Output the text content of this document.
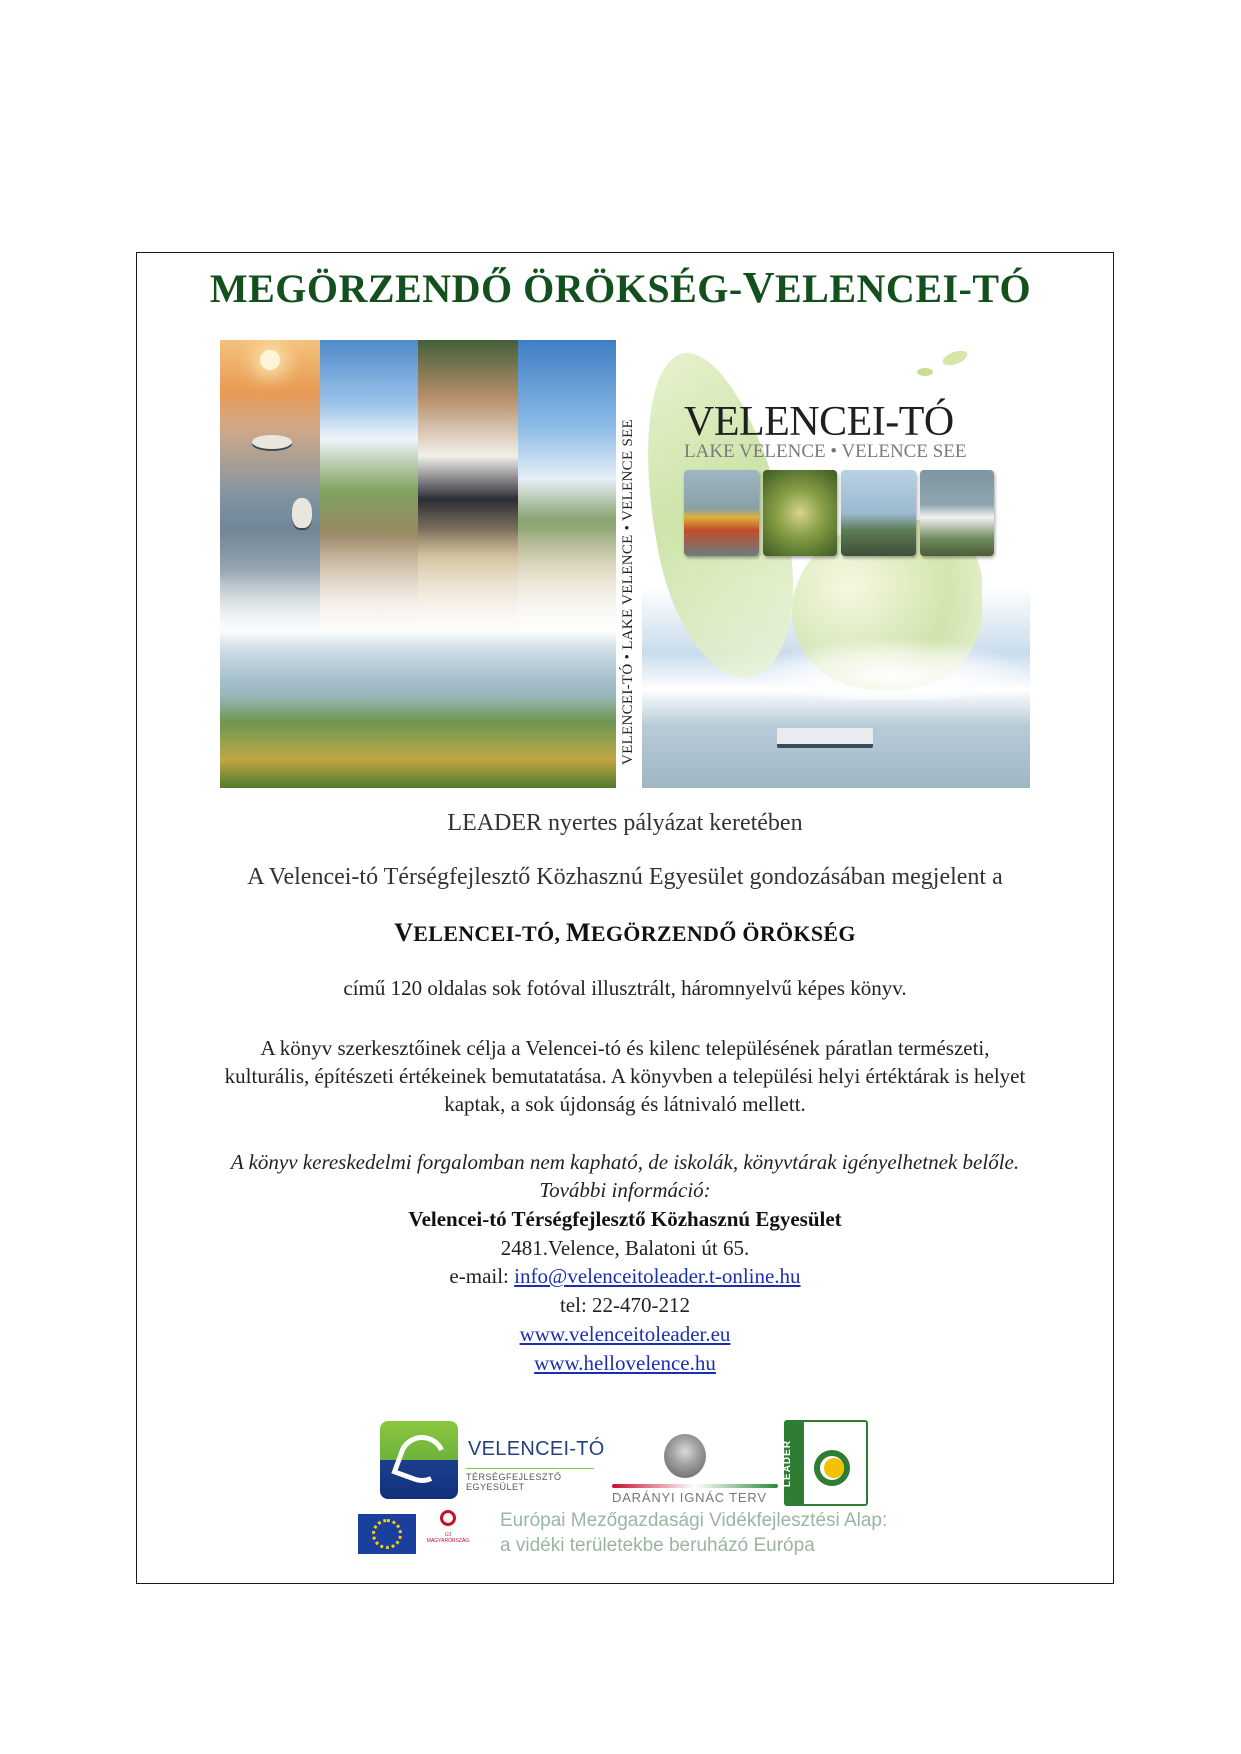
MEGÖRZENDŐ ÖRÖKSÉG-VELENCEI-TÓ
VELENCEI-TÓ • LAKE VELENCE • VELENCE SEE VELENCEI-TÓ
LAKE VELENCE • VELENCE SEE

LEADER nyertes pályázat keretében

A Velencei-tó Térségfejlesztő Közhasznú Egyesület gondozásában megjelent a

VELENCEI-TÓ, MEGÖRZENDŐ ÖRÖKSÉG

című 120 oldalas sok fotóval illusztrált, háromnyelvű képes könyv.

A könyv szerkesztőinek célja a Velencei-tó és kilenc településének páratlan természeti,
kulturális, építészeti értékeinek bemutatatása. A könyvben a települési helyi értéktárak is helyet
kaptak, a sok újdonság és látnivaló mellett.

A könyv kereskedelmi forgalomban nem kapható, de iskolák, könyvtárak igényelhetnek belőle.

További információ:

Velencei-tó Térségfejlesztő Közhasznú Egyesület

2481.Velence, Balatoni út 65.

e-mail: info@velenceitoleader.t-online.hu

tel: 22-470-212

www.velenceitoleader.eu

www.hellovelence.hu

VELENCEI-TÓ
TÉRSÉGFEJLESZTŐ EGYESÜLET
DARÁNYI IGNÁC TERV
LEADER
ÚJ MAGYARORSZÁG
Európai Mezőgazdasági Vidékfejlesztési Alap:
a vidéki területekbe beruházó Európa
